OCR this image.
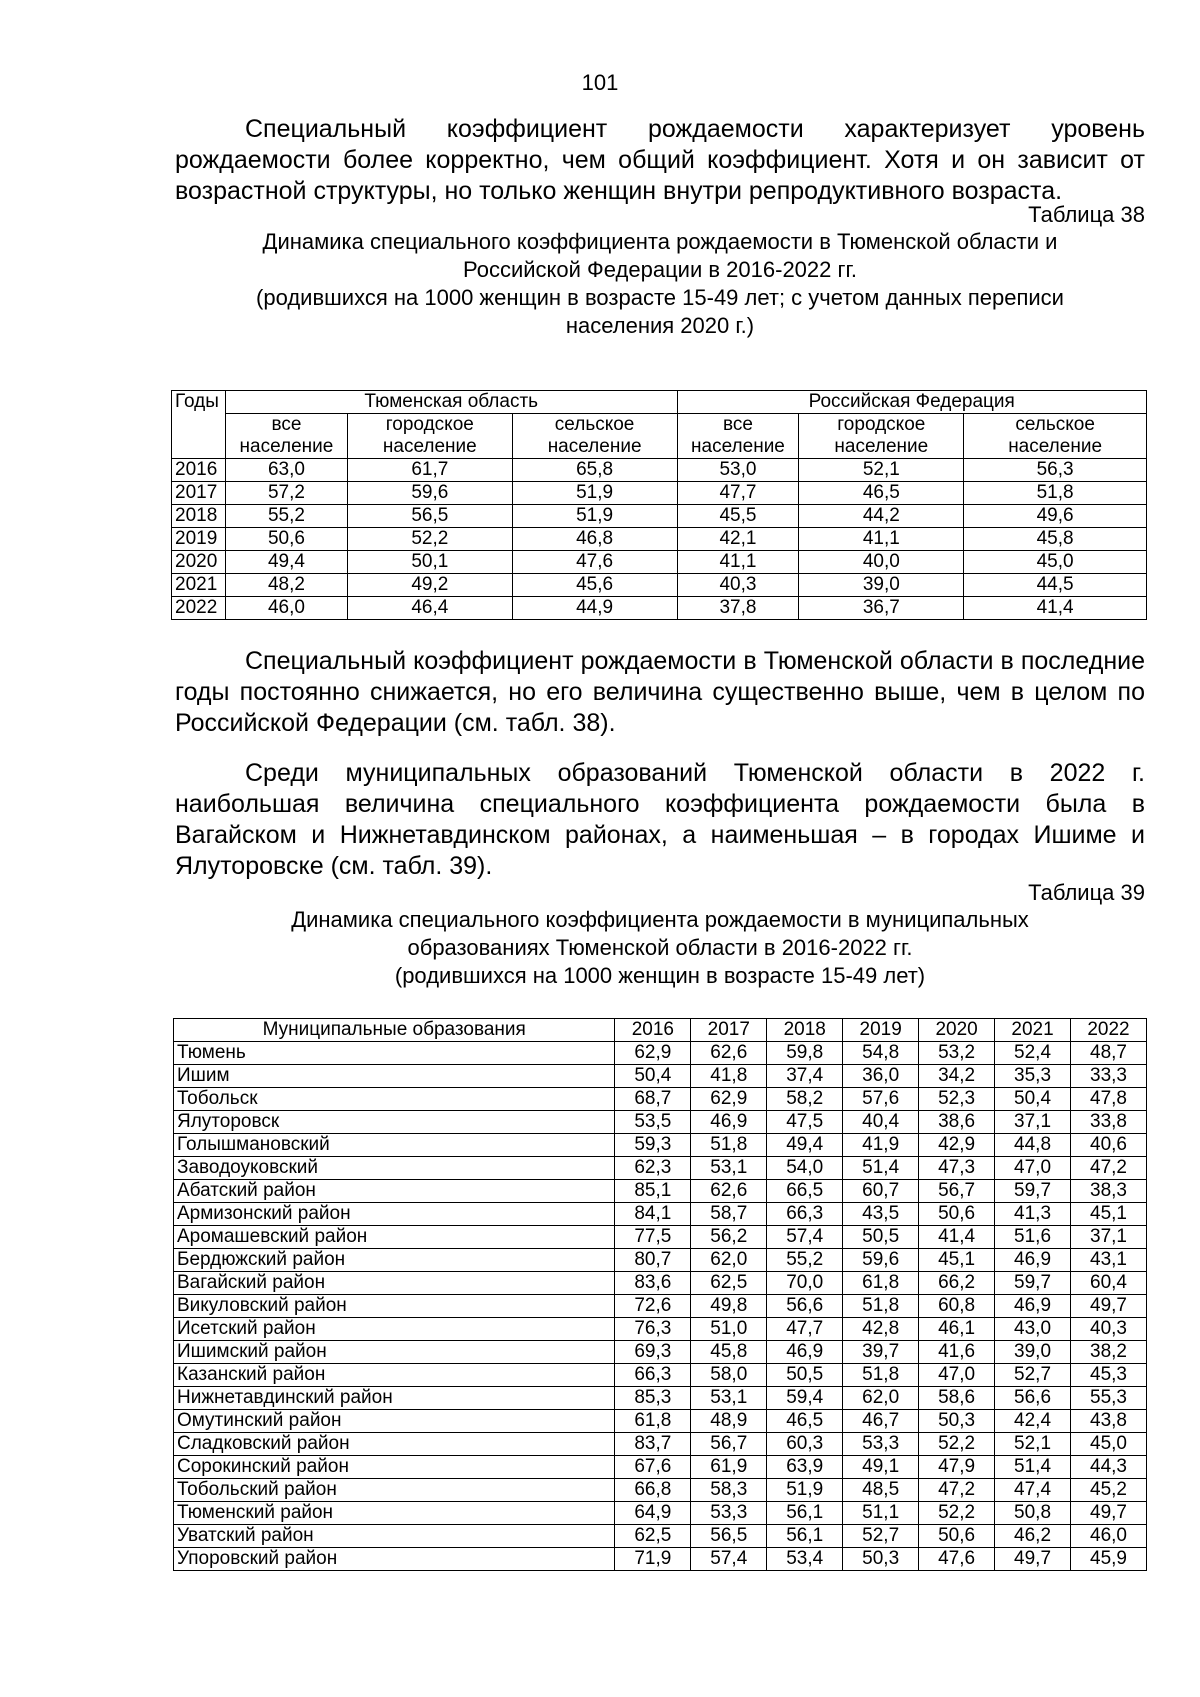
101
Специальный коэффициент рождаемости характеризует уровень рождаемости более корректно, чем общий коэффициент. Хотя и он зависит от возрастной структуры, но только женщин внутри репродуктивного возраста.
Таблица 38
Динамика специального коэффициента рождаемости в Тюменской области и
Российской Федерации в 2016-2022 гг.
(родившихся на 1000 женщин в возрасте 15-49 лет; с учетом данных переписи
населения 2020 г.)
Годы	Тюменская область			Российская Федерация		
	все население	городское население	сельское население	все население	городское население	сельское население
2016	63,0	61,7	65,8	53,0	52,1	56,3
2017	57,2	59,6	51,9	47,7	46,5	51,8
2018	55,2	56,5	51,9	45,5	44,2	49,6
2019	50,6	52,2	46,8	42,1	41,1	45,8
2020	49,4	50,1	47,6	41,1	40,0	45,0
2021	48,2	49,2	45,6	40,3	39,0	44,5
2022	46,0	46,4	44,9	37,8	36,7	41,4
Специальный коэффициент рождаемости в Тюменской области в последние годы постоянно снижается, но его величина существенно выше, чем в целом по Российской Федерации (см. табл. 38).
Среди муниципальных образований Тюменской области в 2022 г. наибольшая величина специального коэффициента рождаемости была в Вагайском и Нижнетавдинском районах, а наименьшая – в городах Ишиме и Ялуторовске (см. табл. 39).
Таблица 39
Динамика специального коэффициента рождаемости в муниципальных
образованиях Тюменской области в 2016-2022 гг.
(родившихся на 1000 женщин в возрасте 15-49 лет)
Муниципальные образования	2016	2017	2018	2019	2020	2021	2022
Тюмень	62,9	62,6	59,8	54,8	53,2	52,4	48,7
Ишим	50,4	41,8	37,4	36,0	34,2	35,3	33,3
Тобольск	68,7	62,9	58,2	57,6	52,3	50,4	47,8
Ялуторовск	53,5	46,9	47,5	40,4	38,6	37,1	33,8
Голышмановский	59,3	51,8	49,4	41,9	42,9	44,8	40,6
Заводоуковский	62,3	53,1	54,0	51,4	47,3	47,0	47,2
Абатский район	85,1	62,6	66,5	60,7	56,7	59,7	38,3
Армизонский район	84,1	58,7	66,3	43,5	50,6	41,3	45,1
Аромашевский район	77,5	56,2	57,4	50,5	41,4	51,6	37,1
Бердюжский район	80,7	62,0	55,2	59,6	45,1	46,9	43,1
Вагайский район	83,6	62,5	70,0	61,8	66,2	59,7	60,4
Викуловский район	72,6	49,8	56,6	51,8	60,8	46,9	49,7
Исетский район	76,3	51,0	47,7	42,8	46,1	43,0	40,3
Ишимский район	69,3	45,8	46,9	39,7	41,6	39,0	38,2
Казанский район	66,3	58,0	50,5	51,8	47,0	52,7	45,3
Нижнетавдинский район	85,3	53,1	59,4	62,0	58,6	56,6	55,3
Омутинский район	61,8	48,9	46,5	46,7	50,3	42,4	43,8
Сладковский район	83,7	56,7	60,3	53,3	52,2	52,1	45,0
Сорокинский район	67,6	61,9	63,9	49,1	47,9	51,4	44,3
Тобольский район	66,8	58,3	51,9	48,5	47,2	47,4	45,2
Тюменский район	64,9	53,3	56,1	51,1	52,2	50,8	49,7
Уватский район	62,5	56,5	56,1	52,7	50,6	46,2	46,0
Упоровский район	71,9	57,4	53,4	50,3	47,6	49,7	45,9
